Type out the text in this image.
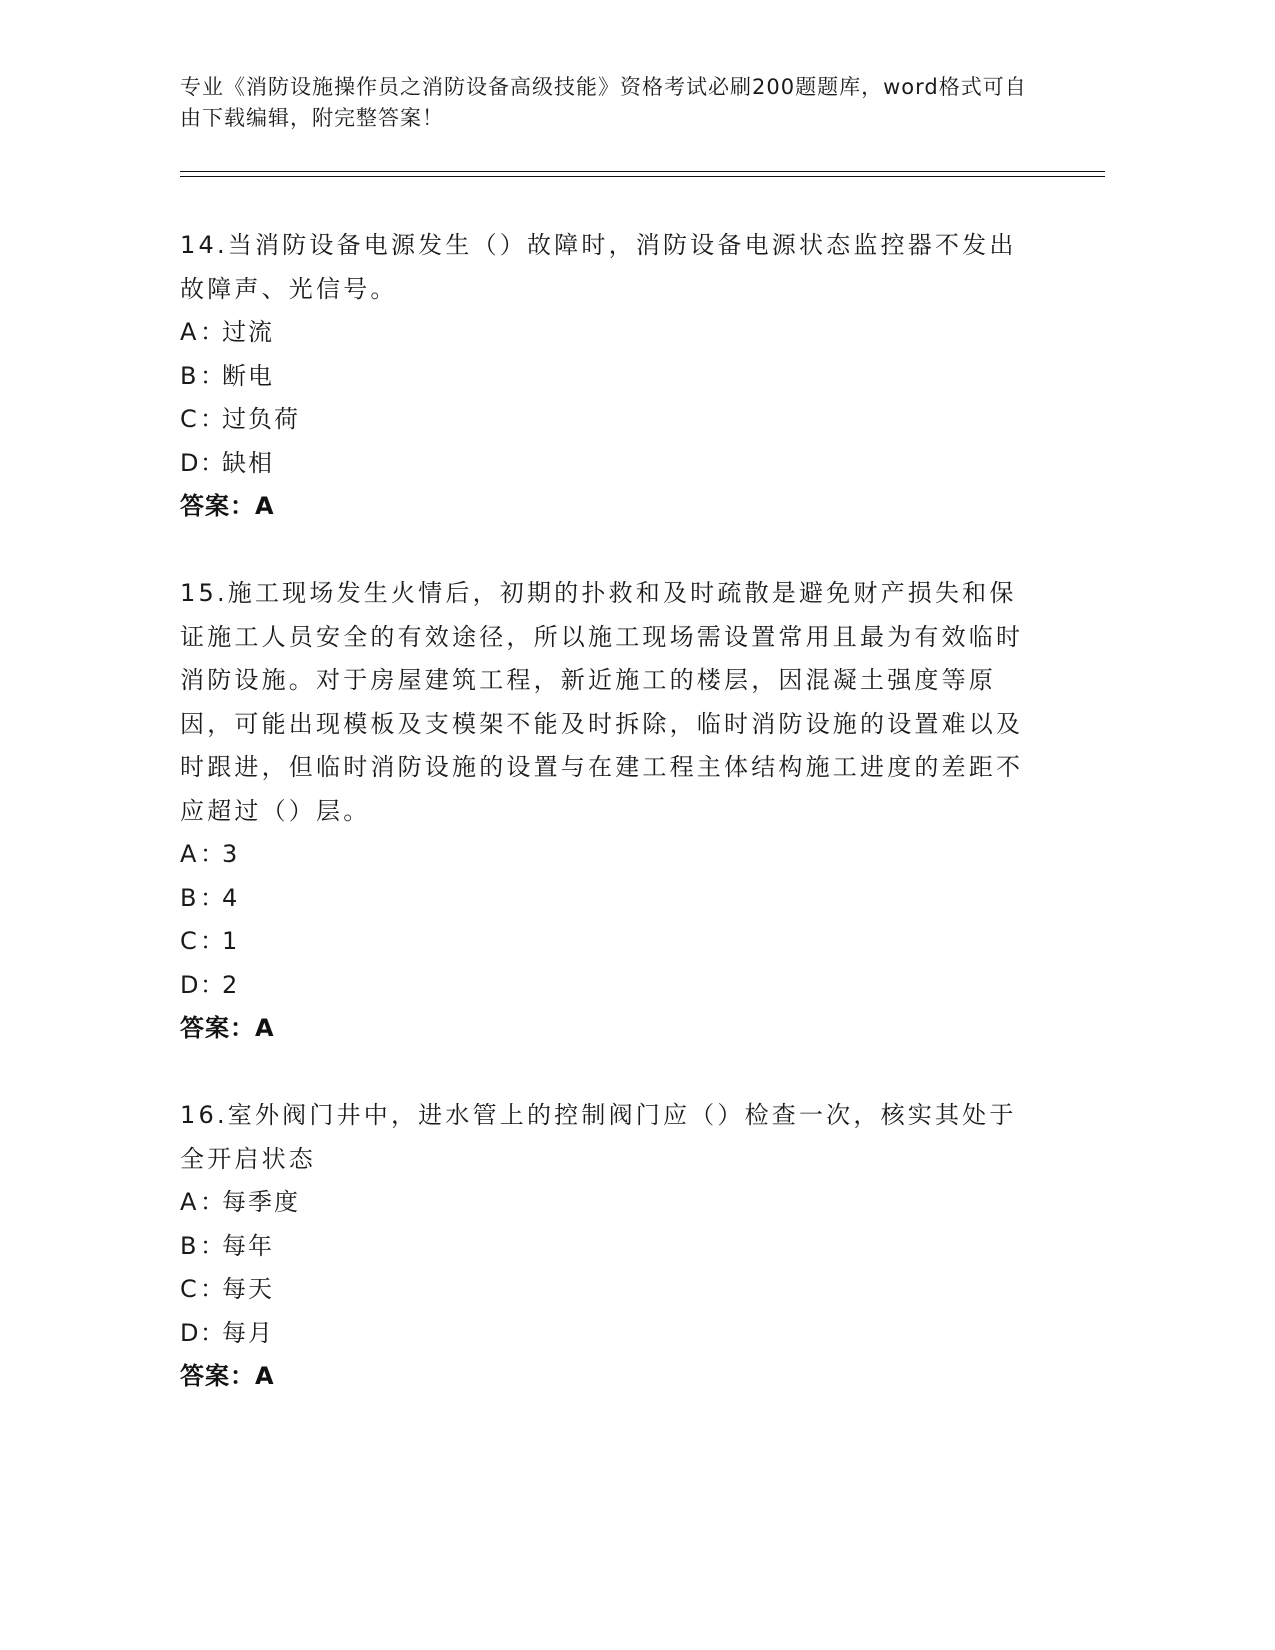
专业《消防设施操作员之消防设备高级技能》资格考试必刷200题题库，word格式可自由下载编辑，附完整答案！

14.当消防设备电源发生（）故障时，消防设备电源状态监控器不发出故障声、光信号。

A：过流

B：断电

C：过负荷

D：缺相

答案：A

15.施工现场发生火情后，初期的扑救和及时疏散是避免财产损失和保证施工人员安全的有效途径，所以施工现场需设置常用且最为有效临时消防设施。对于房屋建筑工程，新近施工的楼层，因混凝土强度等原因，可能出现模板及支模架不能及时拆除，临时消防设施的设置难以及时跟进，但临时消防设施的设置与在建工程主体结构施工进度的差距不应超过（）层。

A：3

B：4

C：1

D：2

答案：A

16.室外阀门井中，进水管上的控制阀门应（）检查一次，核实其处于全开启状态

A：每季度

B：每年

C：每天

D：每月

答案：A
